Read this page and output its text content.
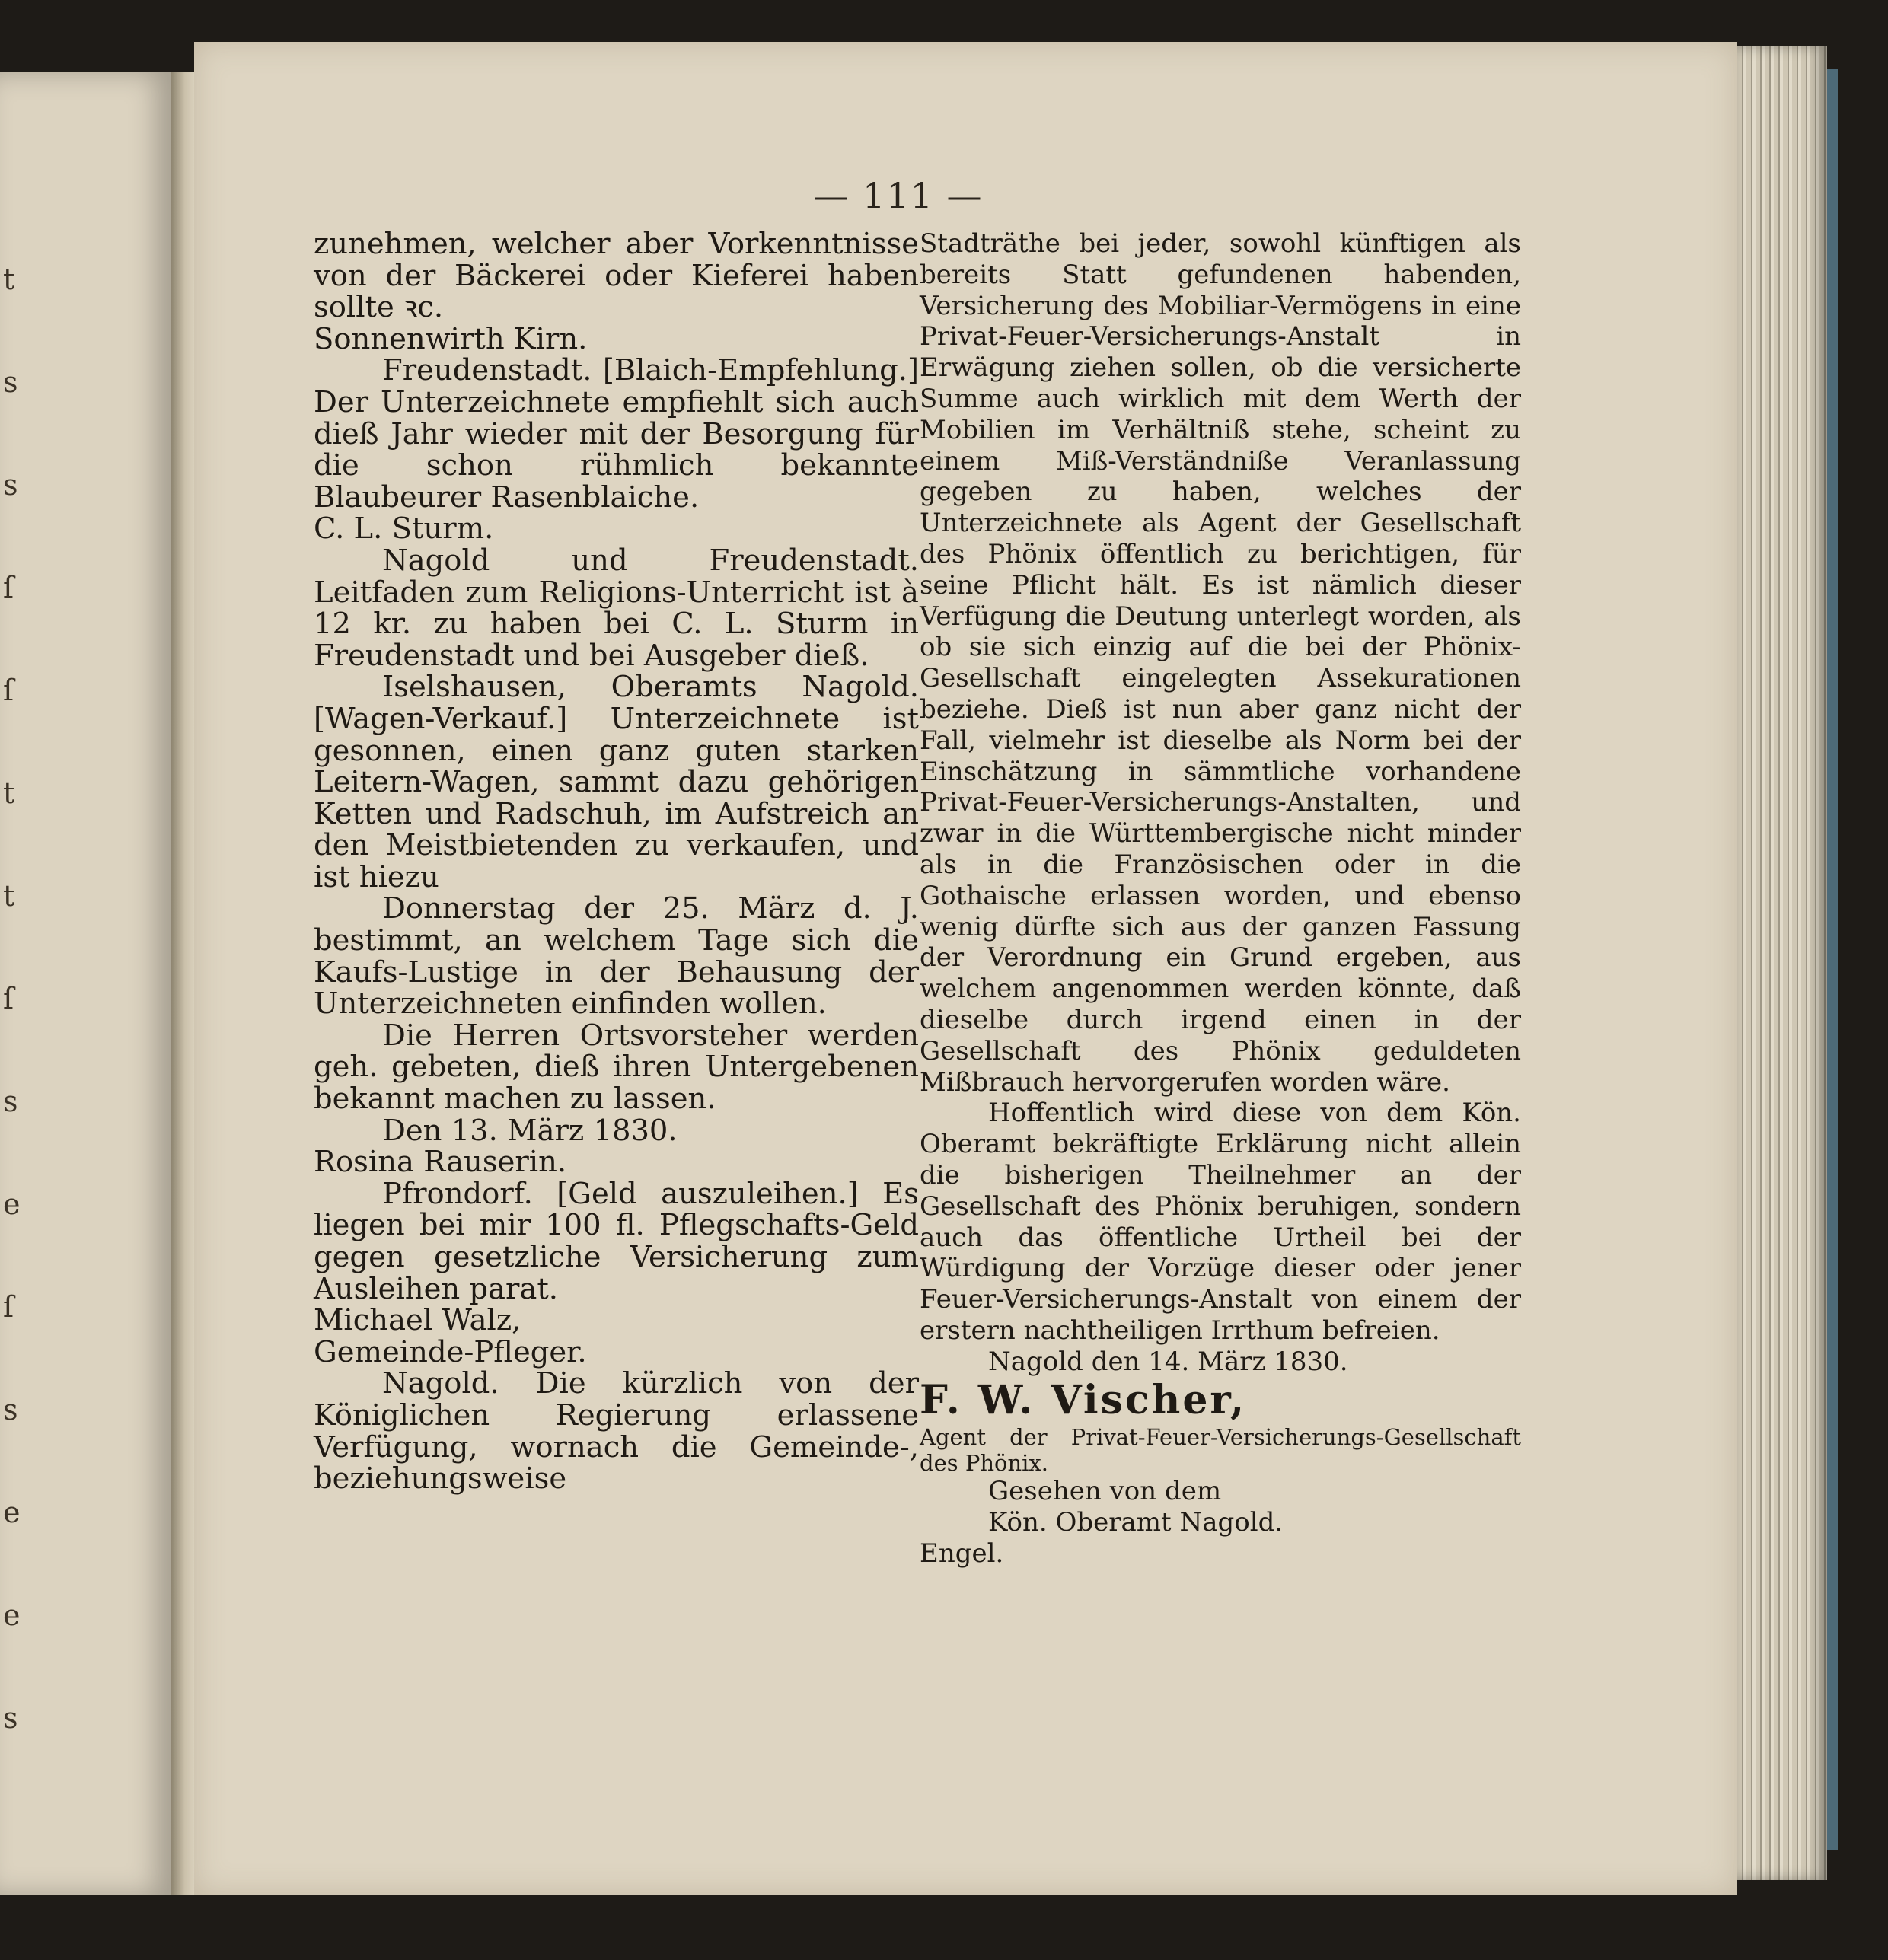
t
s
s
ſ
ſ
t
t
ſ
s
e
ſ
s
e
e
s
— 111 —

zunehmen, welcher aber Vorkenntnisse von der Bäckerei oder Kieferei haben sollte ꝛc.

Sonnenwirth Kirn.

Freudenstadt. [Blaich-Empfehlung.] Der Unterzeichnete empfiehlt sich auch dieß Jahr wieder mit der Besorgung für die schon rühmlich bekannte Blaubeurer Rasenblaiche.

C. L. Sturm.

Nagold und Freudenstadt. Leitfaden zum Religions-Unterricht ist à 12 kr. zu haben bei C. L. Sturm in Freudenstadt und bei Ausgeber dieß.

Iselshausen, Oberamts Nagold. [Wagen-Verkauf.] Unterzeichnete ist gesonnen, einen ganz guten starken Leitern-Wagen, sammt dazu gehörigen Ketten und Radschuh, im Aufstreich an den Meistbietenden zu verkaufen, und ist hiezu

Donnerstag der 25. März d. J. bestimmt, an welchem Tage sich die Kaufs-Lustige in der Behausung der Unterzeichneten einfinden wollen.

Die Herren Ortsvorsteher werden geh. gebeten, dieß ihren Untergebenen bekannt machen zu lassen.

Den 13. März 1830.

Rosina Rauserin.

Pfrondorf. [Geld auszuleihen.] Es liegen bei mir 100 fl. Pflegschafts-Geld gegen gesetzliche Versicherung zum Ausleihen parat.

Michael Walz,

Gemeinde-Pfleger.

Nagold. Die kürzlich von der Königlichen Regierung erlassene Verfügung, wornach die Gemeinde-, beziehungsweise

Stadträthe bei jeder, sowohl künftigen als bereits Statt gefundenen habenden, Versicherung des Mobiliar-Vermögens in eine Privat-Feuer-Versicherungs-Anstalt in Erwägung ziehen sollen, ob die versicherte Summe auch wirklich mit dem Werth der Mobilien im Verhältniß stehe, scheint zu einem Miß-Verständniße Veranlassung gegeben zu haben, welches der Unterzeichnete als Agent der Gesellschaft des Phönix öffentlich zu berichtigen, für seine Pflicht hält. Es ist nämlich dieser Verfügung die Deutung unterlegt worden, als ob sie sich einzig auf die bei der Phönix-Gesellschaft eingelegten Assekurationen beziehe. Dieß ist nun aber ganz nicht der Fall, vielmehr ist dieselbe als Norm bei der Einschätzung in sämmtliche vorhandene Privat-Feuer-Versicherungs-Anstalten, und zwar in die Württembergische nicht minder als in die Französischen oder in die Gothaische erlassen worden, und ebenso wenig dürfte sich aus der ganzen Fassung der Verordnung ein Grund ergeben, aus welchem angenommen werden könnte, daß dieselbe durch irgend einen in der Gesellschaft des Phönix geduldeten Mißbrauch hervorgerufen worden wäre.

Hoffentlich wird diese von dem Kön. Oberamt bekräftigte Erklärung nicht allein die bisherigen Theilnehmer an der Gesellschaft des Phönix beruhigen, sondern auch das öffentliche Urtheil bei der Würdigung der Vorzüge dieser oder jener Feuer-Versicherungs-Anstalt von einem der erstern nachtheiligen Irrthum befreien.

Nagold den 14. März 1830.

F. W. Vischer,

Agent der Privat-Feuer-Versicherungs-Gesellschaft des Phönix.

Gesehen von dem

Kön. Oberamt Nagold.

Engel.
